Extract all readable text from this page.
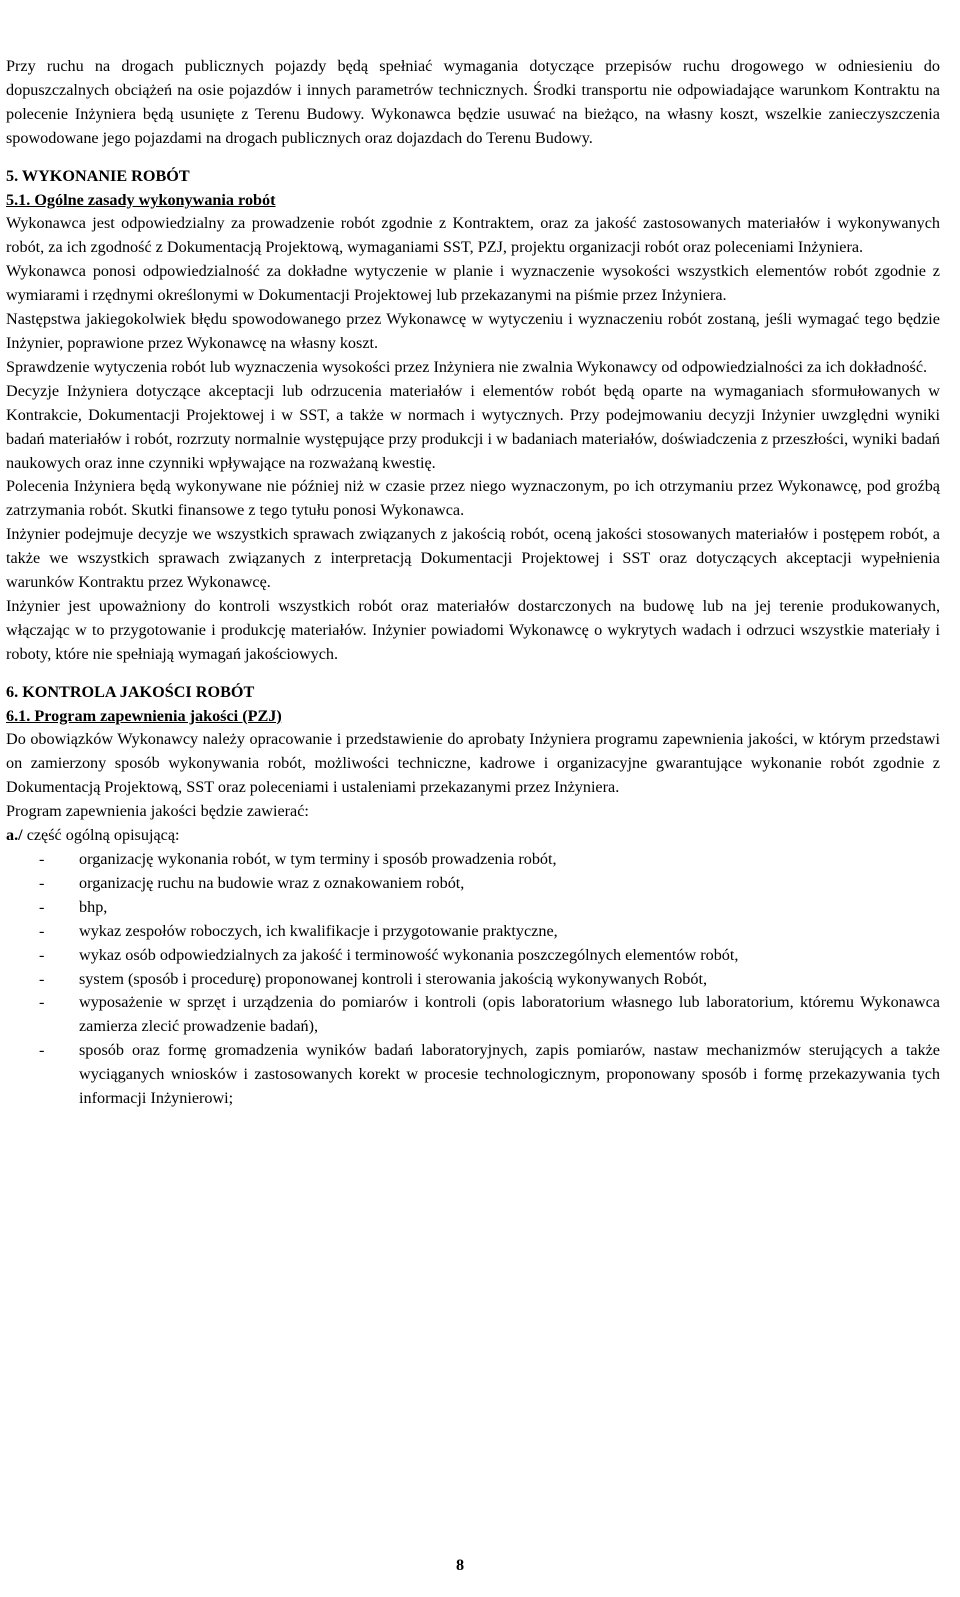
Przy ruchu na drogach publicznych pojazdy będą spełniać wymagania dotyczące przepisów ruchu drogowego w odniesieniu do dopuszczalnych obciążeń na osie pojazdów i innych parametrów technicznych. Środki transportu nie odpowiadające warunkom Kontraktu na polecenie Inżyniera będą usunięte z Terenu Budowy. Wykonawca będzie usuwać na bieżąco, na własny koszt, wszelkie zanieczyszczenia spowodowane jego pojazdami na drogach publicznych oraz dojazdach do Terenu Budowy.

5. WYKONANIE ROBÓT
5.1. Ogólne zasady wykonywania robót

Wykonawca jest odpowiedzialny za prowadzenie robót zgodnie z Kontraktem, oraz za jakość zastosowanych materiałów i wykonywanych robót, za ich zgodność z Dokumentacją Projektową, wymaganiami SST, PZJ, projektu organizacji robót oraz poleceniami Inżyniera.

Wykonawca ponosi odpowiedzialność za dokładne wytyczenie w planie i wyznaczenie wysokości wszystkich elementów robót zgodnie z wymiarami i rzędnymi określonymi w Dokumentacji Projektowej lub przekazanymi na piśmie przez Inżyniera.

Następstwa jakiegokolwiek błędu spowodowanego przez Wykonawcę w wytyczeniu i wyznaczeniu robót zostaną, jeśli wymagać tego będzie Inżynier, poprawione przez Wykonawcę na własny koszt.

Sprawdzenie wytyczenia robót lub wyznaczenia wysokości przez Inżyniera nie zwalnia Wykonawcy od odpowiedzialności za ich dokładność.

Decyzje Inżyniera dotyczące akceptacji lub odrzucenia materiałów i elementów robót będą oparte na wymaganiach sformułowanych w Kontrakcie, Dokumentacji Projektowej i w SST, a także w normach i wytycznych. Przy podejmowaniu decyzji Inżynier uwzględni wyniki badań materiałów i robót, rozrzuty normalnie występujące przy produkcji i w badaniach materiałów, doświadczenia z przeszłości, wyniki badań naukowych oraz inne czynniki wpływające na rozważaną kwestię.

Polecenia Inżyniera będą wykonywane nie później niż w czasie przez niego wyznaczonym, po ich otrzymaniu przez Wykonawcę, pod groźbą zatrzymania robót. Skutki finansowe z tego tytułu ponosi Wykonawca.

Inżynier podejmuje decyzje we wszystkich sprawach związanych z jakością robót, oceną jakości stosowanych materiałów i postępem robót, a także we wszystkich sprawach związanych z interpretacją Dokumentacji Projektowej i SST oraz dotyczących akceptacji wypełnienia warunków Kontraktu przez Wykonawcę.

Inżynier jest upoważniony do kontroli wszystkich robót oraz materiałów dostarczonych na budowę lub na jej terenie produkowanych, włączając w to przygotowanie i produkcję materiałów. Inżynier powiadomi Wykonawcę o wykrytych wadach i odrzuci wszystkie materiały i roboty, które nie spełniają wymagań jakościowych.

6. KONTROLA JAKOŚCI ROBÓT
6.1. Program zapewnienia jakości (PZJ)

Do obowiązków Wykonawcy należy opracowanie i przedstawienie do aprobaty Inżyniera programu zapewnienia jakości, w którym przedstawi on zamierzony sposób wykonywania robót, możliwości techniczne, kadrowe i organizacyjne gwarantujące wykonanie robót zgodnie z Dokumentacją Projektową, SST oraz poleceniami i ustaleniami przekazanymi przez Inżyniera.

Program zapewnienia jakości będzie zawierać:

a./ część ogólną opisującą:

- organizację wykonania robót, w tym terminy i sposób prowadzenia robót,
- organizację ruchu na budowie wraz z oznakowaniem robót,
- bhp,
- wykaz zespołów roboczych, ich kwalifikacje i przygotowanie praktyczne,
- wykaz osób odpowiedzialnych za jakość i terminowość wykonania poszczególnych elementów robót,
- system (sposób i procedurę) proponowanej kontroli i sterowania jakością wykonywanych Robót,
- wyposażenie w sprzęt i urządzenia do pomiarów i kontroli (opis laboratorium własnego lub laboratorium, któremu Wykonawca zamierza zlecić prowadzenie badań),
- sposób oraz formę gromadzenia wyników badań laboratoryjnych, zapis pomiarów, nastaw mechanizmów sterujących a także wyciąganych wniosków i zastosowanych korekt w procesie technologicznym, proponowany sposób i formę przekazywania tych informacji Inżynierowi;
8
